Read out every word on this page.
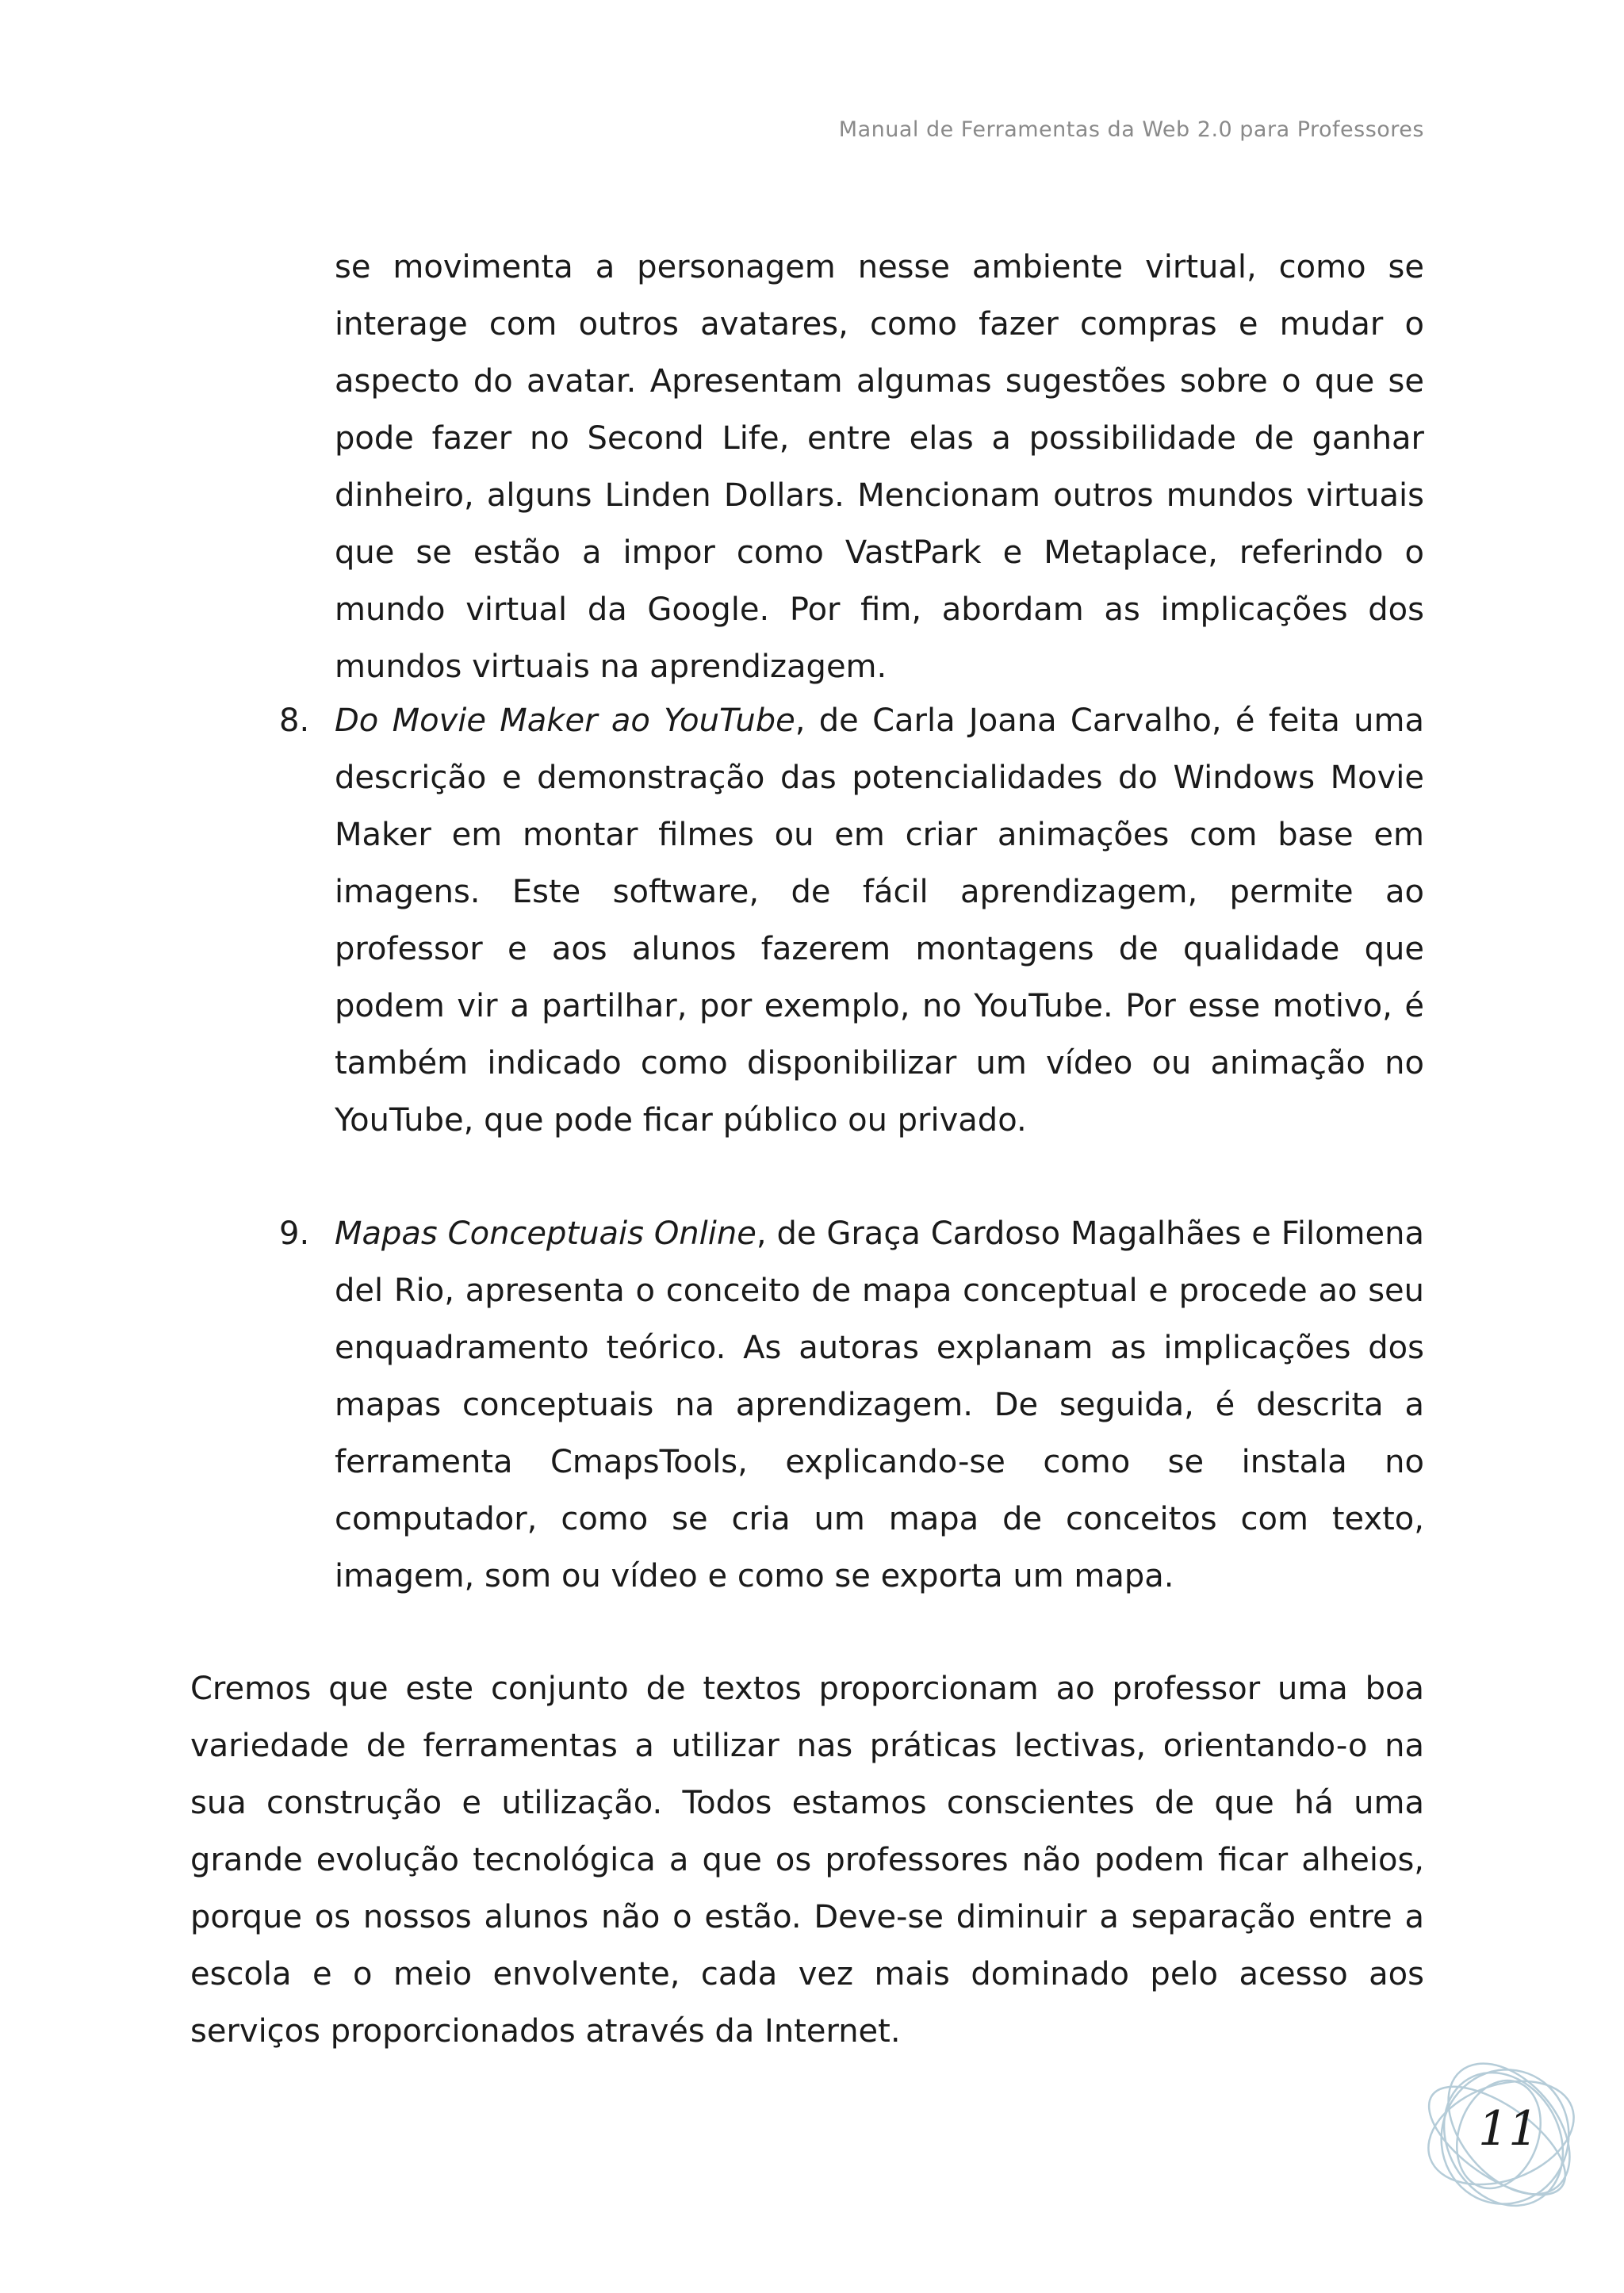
Manual de Ferramentas da Web 2.0 para Professores

se movimenta a personagem nesse ambiente virtual, como se interage com outros avatares, como fazer compras e mudar o aspecto do avatar. Apresentam algumas sugestões sobre o que se pode fazer no Second Life, entre elas a possibilidade de ganhar dinheiro, alguns Linden Dollars. Mencionam outros mundos virtuais que se estão a impor como VastPark e Metaplace, referindo o mundo virtual da Google. Por fim, abordam as implicações dos mundos virtuais na aprendizagem.

8. Do Movie Maker ao YouTube, de Carla Joana Carvalho, é feita uma descrição e demonstração das potencialidades do Windows Movie Maker em montar filmes ou em criar animações com base em imagens. Este software, de fácil aprendizagem, permite ao professor e aos alunos fazerem montagens de qualidade que podem vir a partilhar, por exemplo, no YouTube. Por esse motivo, é também indicado como disponibilizar um vídeo ou animação no YouTube, que pode ficar público ou privado.

9. Mapas Conceptuais Online, de Graça Cardoso Magalhães e Filomena del Rio, apresenta o conceito de mapa conceptual e procede ao seu enquadramento teórico. As autoras explanam as implicações dos mapas conceptuais na aprendizagem. De seguida, é descrita a ferramenta CmapsTools, explicando-se como se instala no computador, como se cria um mapa de conceitos com texto, imagem, som ou vídeo e como se exporta um mapa.

Cremos que este conjunto de textos proporcionam ao professor uma boa variedade de ferramentas a utilizar nas práticas lectivas, orientando-o na sua construção e utilização. Todos estamos conscientes de que há uma grande evolução tecnológica a que os professores não podem ficar alheios, porque os nossos alunos não o estão. Deve-se diminuir a separação entre a escola e o meio envolvente, cada vez mais dominado pelo acesso aos serviços proporcionados através da Internet.

11
